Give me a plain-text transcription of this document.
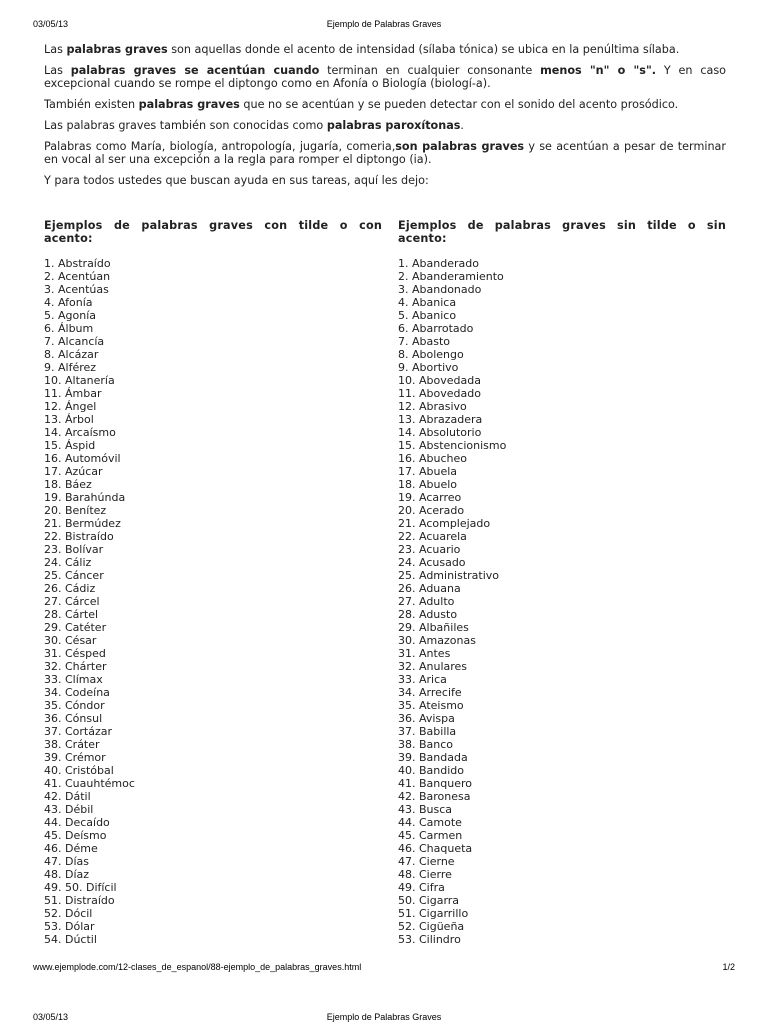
03/05/13	Ejemplo de Palabras Graves

Las palabras graves son aquellas donde el acento de intensidad (sílaba tónica) se ubica en la penúltima sílaba.

Las palabras graves se acentúan cuando terminan en cualquier consonante menos "n" o "s". Y en caso excepcional cuando se rompe el diptongo como en Afonía o Biología (biologí-a).

También existen palabras graves que no se acentúan y se pueden detectar con el sonido del acento prosódico.

Las palabras graves también son conocidas como palabras paroxítonas.

Palabras como María, biología, antropología, jugaría, comeria,son palabras graves y se acentúan a pesar de terminar en vocal al ser una excepción a la regla para romper el diptongo (ia).

Y para todos ustedes que buscan ayuda en sus tareas, aquí les dejo:

Ejemplos de palabras graves con tilde o con acento:
1. Abstraído
2. Acentúan
3. Acentúas
4. Afonía
5. Agonía
6. Álbum
7. Alcancía
8. Alcázar
9. Alférez
10. Altanería
11. Ámbar
12. Ángel
13. Árbol
14. Arcaísmo
15. Áspid
16. Automóvil
17. Azúcar
18. Báez
19. Barahúnda
20. Benítez
21. Bermúdez
22. Bistraído
23. Bolívar
24. Cáliz
25. Cáncer
26. Cádiz
27. Cárcel
28. Cártel
29. Catéter
30. César
31. Césped
32. Chárter
33. Clímax
34. Codeína
35. Cóndor
36. Cónsul
37. Cortázar
38. Cráter
39. Crémor
40. Cristóbal
41. Cuauhtémoc
42. Dátil
43. Débil
44. Decaído
45. Deísmo
46. Déme
47. Días
48. Díaz
49. 50. Difícil
51. Distraído
52. Dócil
53. Dólar
54. Dúctil
Ejemplos de palabras graves sin tilde o sin acento:
1. Abanderado
2. Abanderamiento
3. Abandonado
4. Abanica
5. Abanico
6. Abarrotado
7. Abasto
8. Abolengo
9. Abortivo
10. Abovedada
11. Abovedado
12. Abrasivo
13. Abrazadera
14. Absolutorio
15. Abstencionismo
16. Abucheo
17. Abuela
18. Abuelo
19. Acarreo
20. Acerado
21. Acomplejado
22. Acuarela
23. Acuario
24. Acusado
25. Administrativo
26. Aduana
27. Adulto
28. Adusto
29. Albañiles
30. Amazonas
31. Antes
32. Anulares
33. Arica
34. Arrecife
35. Ateismo
36. Avispa
37. Babilla
38. Banco
39. Bandada
40. Bandido
41. Banquero
42. Baronesa
43. Busca
44. Camote
45. Carmen
46. Chaqueta
47. Cierne
48. Cierre
49. Cifra
50. Cigarra
51. Cigarrillo
52. Cigüeña
53. Cilindro
www.ejemplode.com/12-clases_de_espanol/88-ejemplo_de_palabras_graves.html	1/2
03/05/13	Ejemplo de Palabras Graves
